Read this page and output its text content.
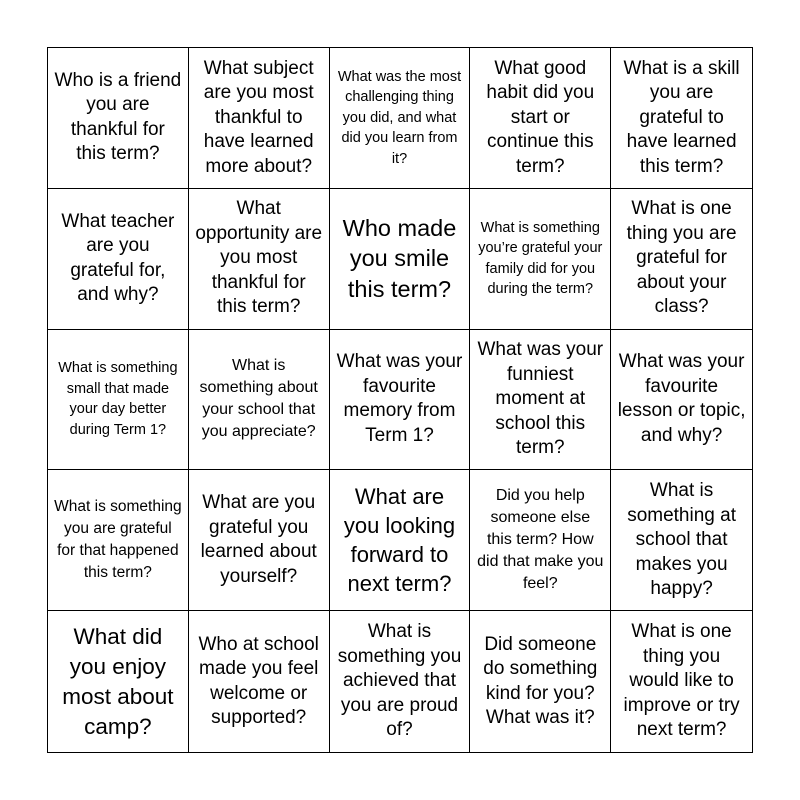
Who is a friend you are thankful for this term?
What subject are you most thankful to have learned more about?
What was the most challenging thing you did, and what did you learn from it?
What good habit did you start or continue this term?
What is a skill you are grateful to have learned this term?
What teacher are you grateful for, and why?
What opportunity are you most thankful for this term?
Who made you smile this term?
What is something you’re grateful your family did for you during the term?
What is one thing you are grateful for about your class?
What is something small that made your day better during Term 1?
What is something about your school that you appreciate?
What was your favourite memory from Term 1?
What was your funniest moment at school this term?
What was your favourite lesson or topic, and why?
What is something you are grateful for that happened this term?
What are you grateful you learned about yourself?
What are you looking forward to next term?
Did you help someone else this term? How did that make you feel?
What is something at school that makes you happy?
What did you enjoy most about camp?
Who at school made you feel welcome or supported?
What is something you achieved that you are proud of?
Did someone do something kind for you? What was it?
What is one thing you would like to improve or try next term?
